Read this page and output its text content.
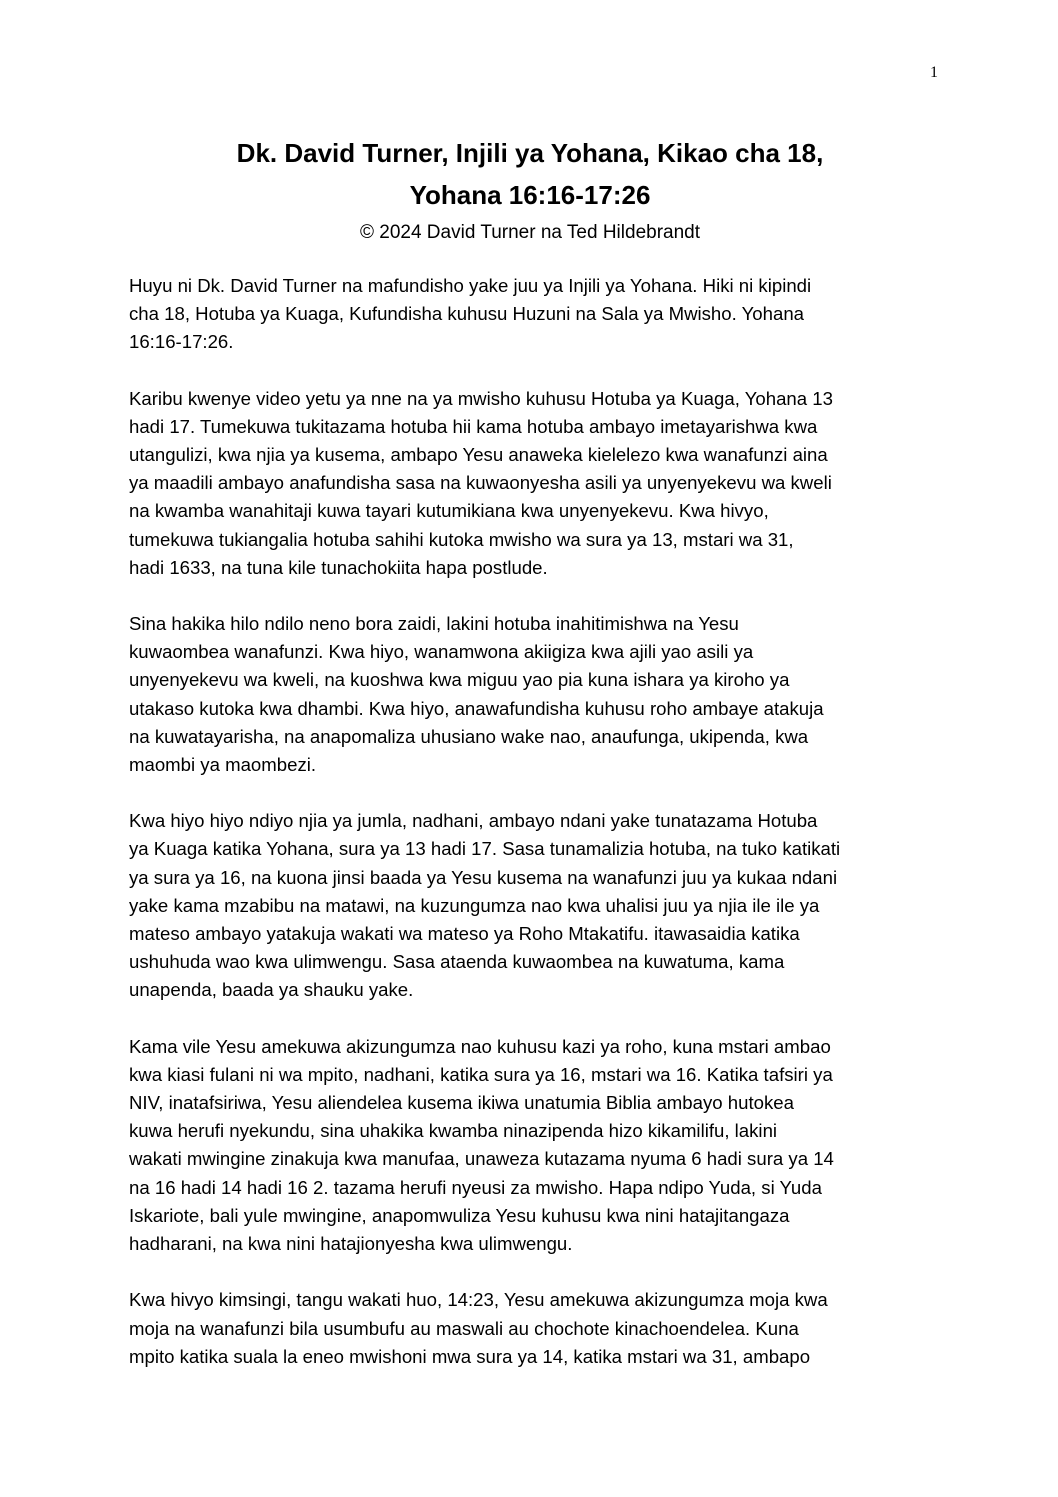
1
Dk. David Turner, Injili ya Yohana, Kikao cha 18,
Yohana 16:16-17:26
© 2024 David Turner na Ted Hildebrandt

Huyu ni Dk. David Turner na mafundisho yake juu ya Injili ya Yohana. Hiki ni kipindi
cha 18, Hotuba ya Kuaga, Kufundisha kuhusu Huzuni na Sala ya Mwisho. Yohana
16:16-17:26.

Karibu kwenye video yetu ya nne na ya mwisho kuhusu Hotuba ya Kuaga, Yohana 13
hadi 17. Tumekuwa tukitazama hotuba hii kama hotuba ambayo imetayarishwa kwa
utangulizi, kwa njia ya kusema, ambapo Yesu anaweka kielelezo kwa wanafunzi aina
ya maadili ambayo anafundisha sasa na kuwaonyesha asili ya unyenyekevu wa kweli
na kwamba wanahitaji kuwa tayari kutumikiana kwa unyenyekevu. Kwa hivyo,
tumekuwa tukiangalia hotuba sahihi kutoka mwisho wa sura ya 13, mstari wa 31,
hadi 1633, na tuna kile tunachokiita hapa postlude.

Sina hakika hilo ndilo neno bora zaidi, lakini hotuba inahitimishwa na Yesu
kuwaombea wanafunzi. Kwa hiyo, wanamwona akiigiza kwa ajili yao asili ya
unyenyekevu wa kweli, na kuoshwa kwa miguu yao pia kuna ishara ya kiroho ya
utakaso kutoka kwa dhambi. Kwa hiyo, anawafundisha kuhusu roho ambaye atakuja
na kuwatayarisha, na anapomaliza uhusiano wake nao, anaufunga, ukipenda, kwa
maombi ya maombezi.

Kwa hiyo hiyo ndiyo njia ya jumla, nadhani, ambayo ndani yake tunatazama Hotuba
ya Kuaga katika Yohana, sura ya 13 hadi 17. Sasa tunamalizia hotuba, na tuko katikati
ya sura ya 16, na kuona jinsi baada ya Yesu kusema na wanafunzi juu ya kukaa ndani
yake kama mzabibu na matawi, na kuzungumza nao kwa uhalisi juu ya njia ile ile ya
mateso ambayo yatakuja wakati wa mateso ya Roho Mtakatifu. itawasaidia katika
ushuhuda wao kwa ulimwengu. Sasa ataenda kuwaombea na kuwatuma, kama
unapenda, baada ya shauku yake.

Kama vile Yesu amekuwa akizungumza nao kuhusu kazi ya roho, kuna mstari ambao
kwa kiasi fulani ni wa mpito, nadhani, katika sura ya 16, mstari wa 16. Katika tafsiri ya
NIV, inatafsiriwa, Yesu aliendelea kusema ikiwa unatumia Biblia ambayo hutokea
kuwa herufi nyekundu, sina uhakika kwamba ninazipenda hizo kikamilifu, lakini
wakati mwingine zinakuja kwa manufaa, unaweza kutazama nyuma 6 hadi sura ya 14
na 16 hadi 14 hadi 16 2. tazama herufi nyeusi za mwisho. Hapa ndipo Yuda, si Yuda
Iskariote, bali yule mwingine, anapomwuliza Yesu kuhusu kwa nini hatajitangaza
hadharani, na kwa nini hatajionyesha kwa ulimwengu.

Kwa hivyo kimsingi, tangu wakati huo, 14:23, Yesu amekuwa akizungumza moja kwa
moja na wanafunzi bila usumbufu au maswali au chochote kinachoendelea. Kuna
mpito katika suala la eneo mwishoni mwa sura ya 14, katika mstari wa 31, ambapo
